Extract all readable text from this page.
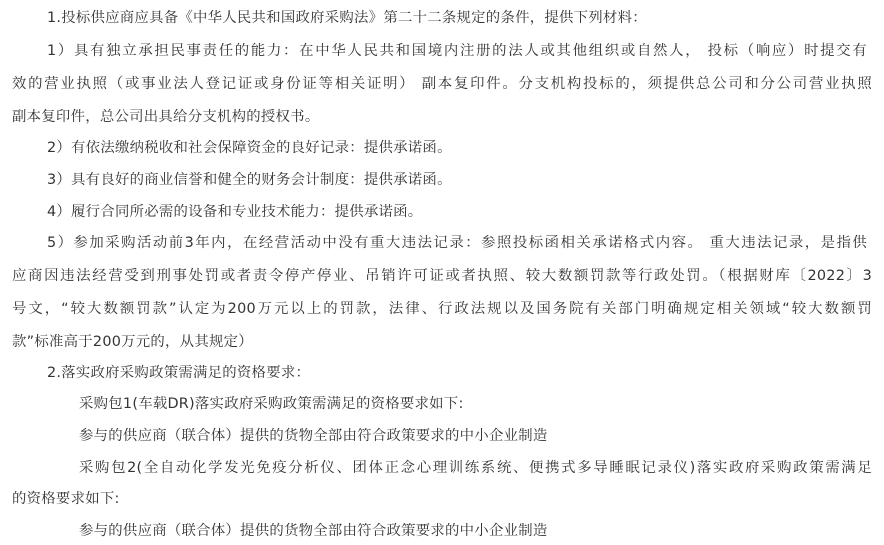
1.投标供应商应具备《中华人民共和国政府采购法》第二十二条规定的条件，提供下列材料：
1）具有独立承担民事责任的能力：在中华人民共和国境内注册的法人或其他组织或自然人， 投标（响应）时提交有
效的营业执照（或事业法人登记证或身份证等相关证明） 副本复印件。分支机构投标的，须提供总公司和分公司营业执照
副本复印件，总公司出具给分支机构的授权书。
2）有依法缴纳税收和社会保障资金的良好记录：提供承诺函。
3）具有良好的商业信誉和健全的财务会计制度：提供承诺函。
4）履行合同所必需的设备和专业技术能力：提供承诺函。
5）参加采购活动前3年内，在经营活动中没有重大违法记录：参照投标函相关承诺格式内容。 重大违法记录，是指供
应商因违法经营受到刑事处罚或者责令停产停业、吊销许可证或者执照、较大数额罚款等行政处罚。（根据财库〔2022〕3
号文，“较大数额罚款”认定为200万元以上的罚款，法律、行政法规以及国务院有关部门明确规定相关领域“较大数额罚
款”标准高于200万元的，从其规定）
2.落实政府采购政策需满足的资格要求：
采购包1(车载DR)落实政府采购政策需满足的资格要求如下:
参与的供应商（联合体）提供的货物全部由符合政策要求的中小企业制造
采购包2(全自动化学发光免疫分析仪、团体正念心理训练系统、便携式多导睡眠记录仪)落实政府采购政策需满足
的资格要求如下:
参与的供应商（联合体）提供的货物全部由符合政策要求的中小企业制造
